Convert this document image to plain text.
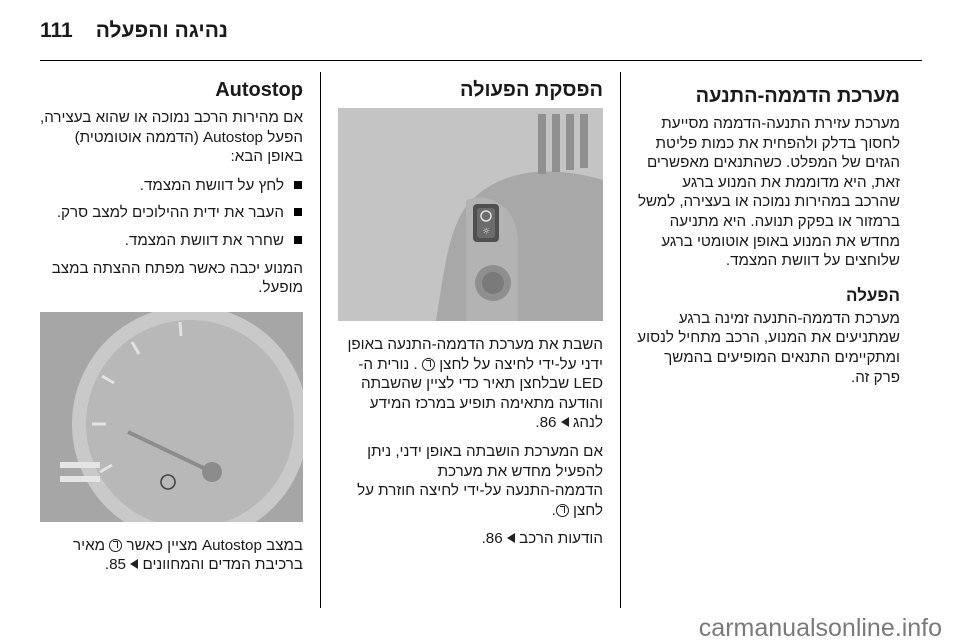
111 נהיגה והפעלה
מערכת הדממה-התנעה

מערכת עזירת התנעה-הדממה מסייעת לחסוך בדלק ולהפחית את כמות פליטת הגזים של המפלט. כשהתנאים מאפשרים זאת, היא מדוממת את המנוע ברגע שהרכב במהירות נמוכה או בעצירה, למשל ברמזור או בפקק תנועה. היא מתניעה מחדש את המנוע באופן אוטומטי ברגע שלוחצים על דוושת המצמד.

הפעלה

מערכת הדממה-התנעה זמינה ברגע שמתניעים את המנוע, הרכב מתחיל לנסוע ומתקיימים התנאים המופיעים בהמשך פרק זה.

הפסקת הפעולה
☼

השבת את מערכת הדממה-התנעה באופן ידני על-ידי לחיצה על לחצן  . נורית ה-LED שבלחצן תאיר כדי לציין שהשבתה והודעה מתאימה תופיע במרכז המידע לנהג  86.

אם המערכת הושבתה באופן ידני, ניתן להפעיל מחדש את מערכת הדממה-התנעה על-ידי לחיצה חוזרת על לחצן .

הודעות הרכב  86.

Autostop

אם מהירות הרכב נמוכה או שהוא בעצירה, הפעל Autostop (הדממה אוטומטית) באופן הבא:

לחץ על דוושת המצמד.
העבר את ידית ההילוכים למצב סרק.
שחרר את דוושת המצמד.

המנוע יכבה כאשר מפתח ההצתה במצב מופעל.

במצב Autostop מציין כאשר  מאיר ברכיבת המדים והמחוונים  85.

carmanualsonline.info
